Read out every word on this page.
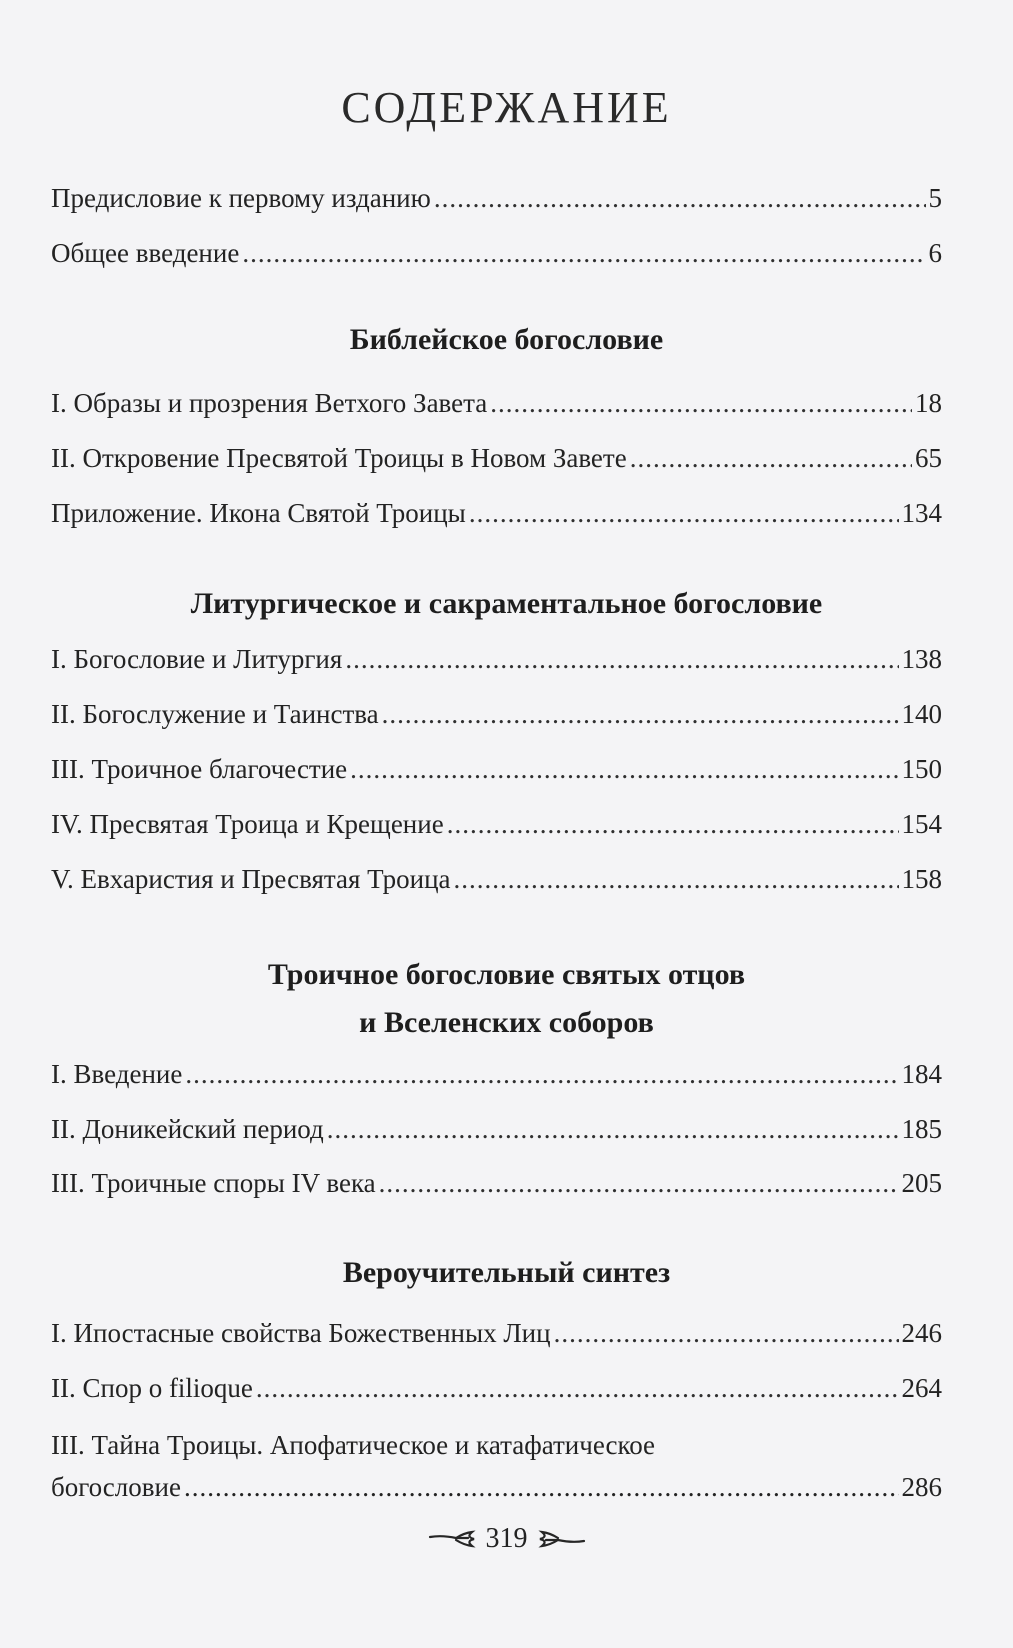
СОДЕРЖАНИЕ
Предисловие к первому изданию .....	5
Общее введение .....	6
Библейское богословие
I. Образы и прозрения Ветхого Завета .....	18
II. Откровение Пресвятой Троицы в Новом Завете .....	65
Приложение. Икона Святой Троицы .....	134
Литургическое и сакраментальное богословие
I. Богословие и Литургия .....	138
II. Богослужение и Таинства .....	140
III. Троичное благочестие .....	150
IV. Пресвятая Троица и Крещение .....	154
V. Евхаристия и Пресвятая Троица .....	158
Троичное богословие святых отцов
и Вселенских соборов
I. Введение .....	184
II. Доникейский период .....	185
III. Троичные споры IV века .....	205
Вероучительный синтез
I. Ипостасные свойства Божественных Лиц .....	246
II. Спор о filioque .....	264
III. Тайна Троицы. Апофатическое и катафатическое
богословие .....	286
319
